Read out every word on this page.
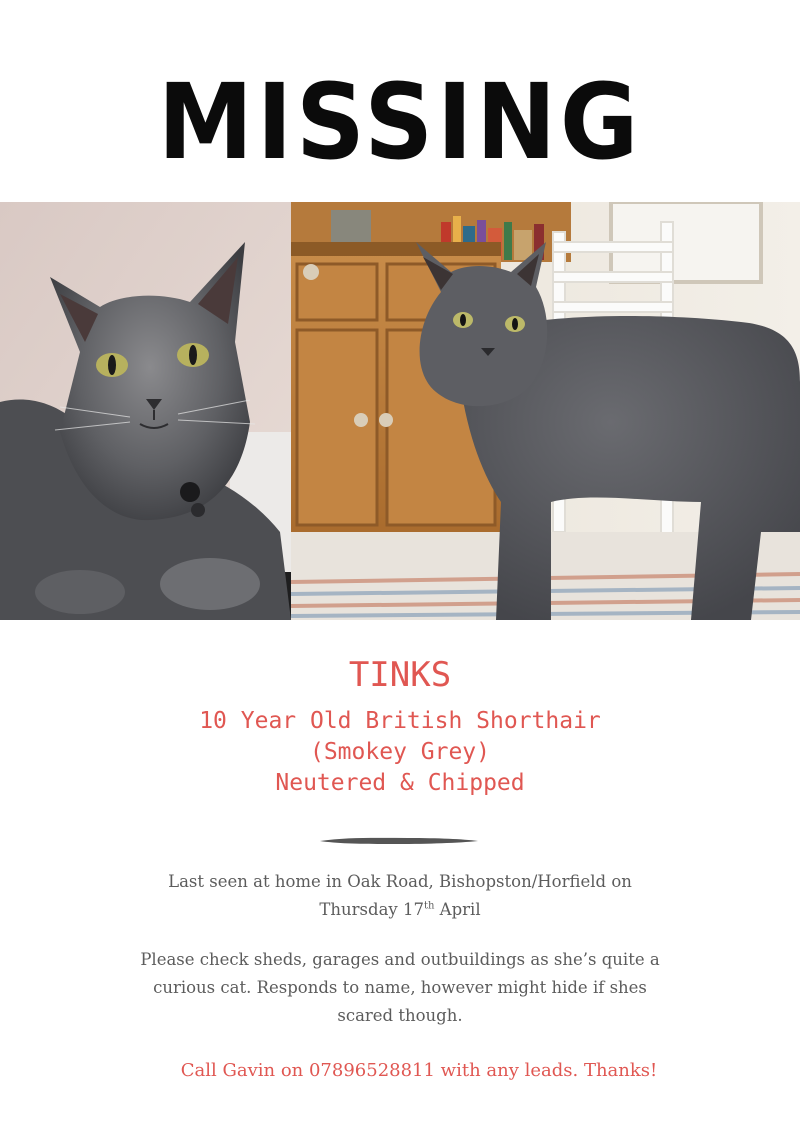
MISSING
TINKS
10 Year Old British Shorthair
(Smokey Grey)
Neutered & Chipped
Last seen at home in Oak Road, Bishopston/Horfield on
Thursday 17th April
Please check sheds, garages and outbuildings as she’s quite a
curious cat. Responds to name, however might hide if shes
scared though.
Call Gavin on 07896528811 with any leads. Thanks!
